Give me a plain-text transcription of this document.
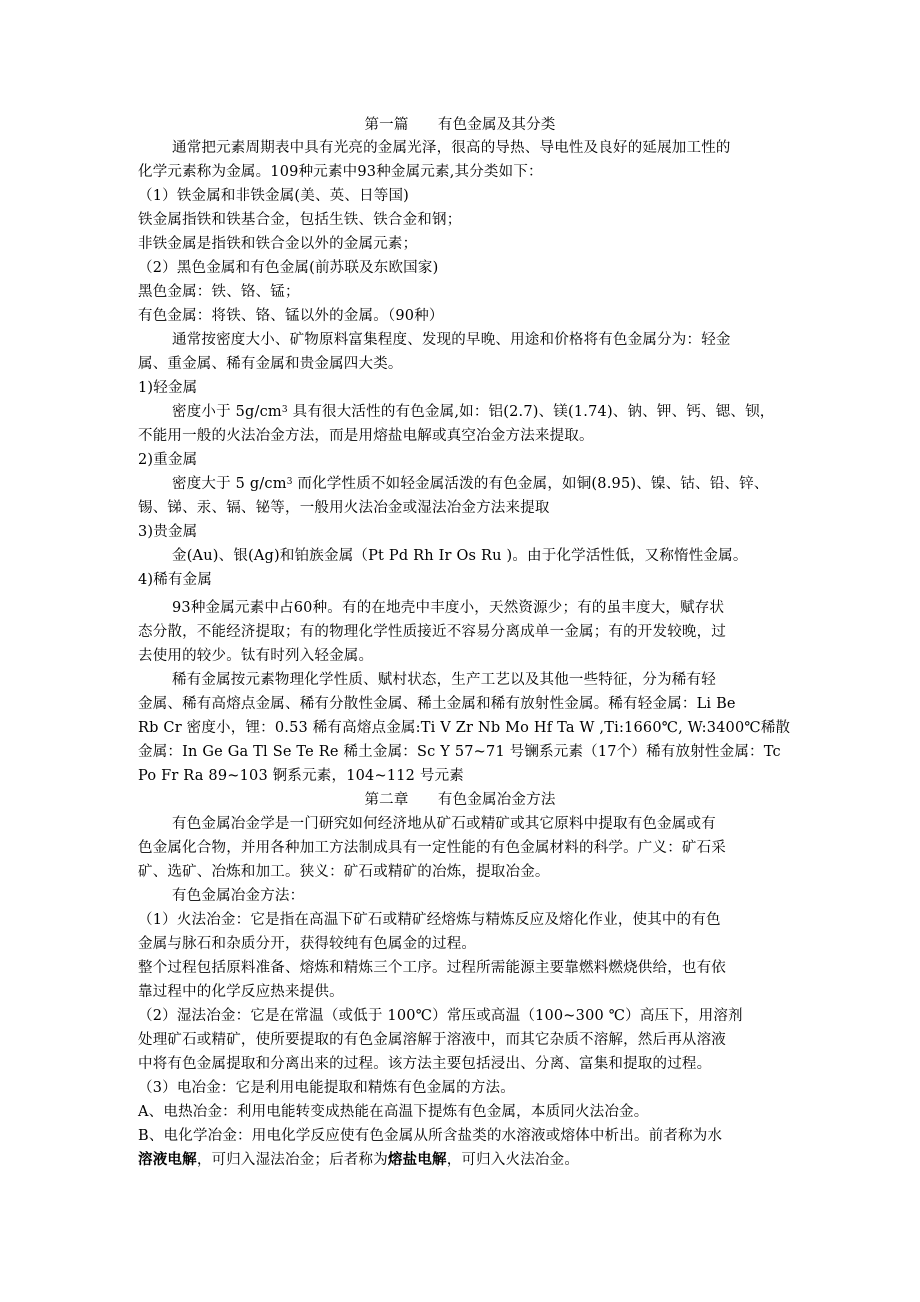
第一篇　　有色金属及其分类
通常把元素周期表中具有光亮的金属光泽，很高的导热、导电性及良好的延展加工性的
化学元素称为金属。109种元素中93种金属元素,其分类如下：
（1）铁金属和非铁金属(美、英、日等国)
铁金属指铁和铁基合金，包括生铁、铁合金和钢；
非铁金属是指铁和铁合金以外的金属元素；
（2）黑色金属和有色金属(前苏联及东欧国家)
黑色金属：铁、铬、锰；
有色金属：将铁、铬、锰以外的金属。（90种）
通常按密度大小、矿物原料富集程度、发现的早晚、用途和价格将有色金属分为：轻金
属、重金属、稀有金属和贵金属四大类。
1)轻金属
密度小于 $5g/cm^3$ 具有很大活性的有色金属,如：铝(2.7)、镁(1.74)、钠、钾、钙、锶、钡，
不能用一般的火法冶金方法，而是用熔盐电解或真空冶金方法来提取。
2)重金属
密度大于 5 $g/cm^3$ 而化学性质不如轻金属活泼的有色金属，如铜(8.95)、镍、钴、铅、锌、
锡、锑、汞、镉、铋等，一般用火法冶金或湿法冶金方法来提取
3)贵金属
金(Au)、银(Ag)和铂族金属（Pt Pd Rh Ir Os Ru )。由于化学活性低，又称惰性金属。
4)稀有金属
93种金属元素中占60种。有的在地壳中丰度小，天然资源少；有的虽丰度大，赋存状
态分散，不能经济提取；有的物理化学性质接近不容易分离成单一金属；有的开发较晚，过
去使用的较少。钛有时列入轻金属。
稀有金属按元素物理化学性质、赋村状态，生产工艺以及其他一些特征，分为稀有轻
金属、稀有高熔点金属、稀有分散性金属、稀土金属和稀有放射性金属。稀有轻金属：Li Be
Rb Cr 密度小，锂：0.53 稀有高熔点金属:Ti V Zr Nb Mo Hf Ta W ,Ti:1660℃, W:3400℃稀散
金属：In Ge Ga Tl Se Te Re 稀土金属：Sc Y 57~71 号镧系元素（17个）稀有放射性金属：Tc
Po Fr Ra 89~103 锕系元素，104~112 号元素
第二章　　有色金属冶金方法
有色金属冶金学是一门研究如何经济地从矿石或精矿或其它原料中提取有色金属或有
色金属化合物，并用各种加工方法制成具有一定性能的有色金属材料的科学。广义：矿石采
矿、选矿、冶炼和加工。狭义：矿石或精矿的冶炼，提取冶金。
有色金属冶金方法：
（1）火法冶金：它是指在高温下矿石或精矿经熔炼与精炼反应及熔化作业，使其中的有色
金属与脉石和杂质分开，获得较纯有色属金的过程。
整个过程包括原料准备、熔炼和精炼三个工序。过程所需能源主要靠燃料燃烧供给，也有依
靠过程中的化学反应热来提供。
（2）湿法冶金：它是在常温（或低于 100℃）常压或高温（100~300 ℃）高压下，用溶剂
处理矿石或精矿，使所要提取的有色金属溶解于溶液中，而其它杂质不溶解，然后再从溶液
中将有色金属提取和分离出来的过程。该方法主要包括浸出、分离、富集和提取的过程。
（3）电冶金：它是利用电能提取和精炼有色金属的方法。
A、电热冶金：利用电能转变成热能在高温下提炼有色金属，本质同火法冶金。
B、电化学冶金：用电化学反应使有色金属从所含盐类的水溶液或熔体中析出。前者称为水
溶液电解，可归入湿法冶金；后者称为熔盐电解，可归入火法冶金。
